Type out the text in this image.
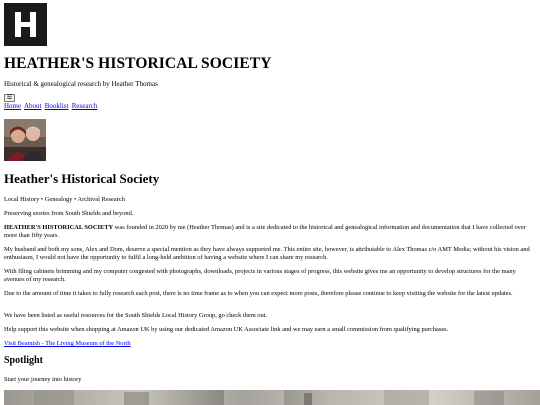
HEATHER'S HISTORICAL SOCIETY
Historical & genealogical research by Heather Thomas
☰
Home About Booklist Research
Heather's Historical Society
Local History • Genealogy • Archival Research
Preserving stories from South Shields and beyond.
HEATHER'S HISTORICAL SOCIETY was founded in 2020 by me (Heather Thomas) and is a site dedicated to the historical and genealogical information and documentation that I have collected over more than fifty years.
My husband and both my sons, Alex and Dom, deserve a special mention as they have always supported me. This entire site, however, is attributable to Alex Thomas c/o AMT Media; without his vision and enthusiasm, I would not have the opportunity to fulfil a long-held ambition of having a website where I can share my research.
With filing cabinets brimming and my computer congested with photographs, downloads, projects in various stages of progress, this website gives me an opportunity to develop structures for the many avenues of my research.
Due to the amount of time it takes to fully research each post, there is no time frame as to when you can expect more posts, therefore please continue to keep visiting the website for the latest updates.
We have been listed as useful resources for the South Shields Local History Group, go check them out.
Help support this website when shopping at Amazon UK by using our dedicated Amazon UK Associate link and we may earn a small commission from qualifying purchases.
Visit Beamish - The Living Museum of the North
Spotlight
Start your journey into history
